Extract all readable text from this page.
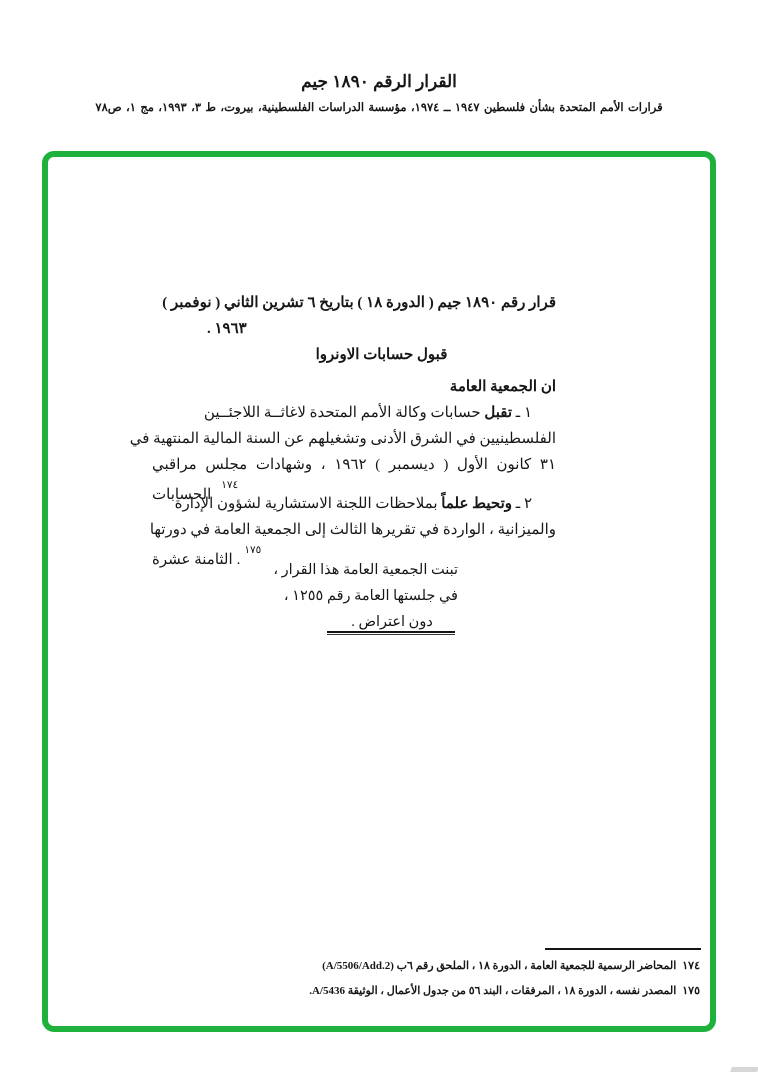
القرار الرقم ١٨٩٠ جيم
قرارات الأمم المتحدة بشأن فلسطين ١٩٤٧ ــ ١٩٧٤، مؤسسة الدراسات الفلسطينية، بيروت، ط ٣، ١٩٩٣، مج ١، ص٧٨
قرار رقم ١٨٩٠ جيم ( الدورة ١٨ ) بتاريخ ٦ تشرين الثاني ( نوفمبر )
١٩٦٣ .
قبول حسابات الاونروا
ان الجمعية العامة
١ ـ تقبل حسابات وكالة الأمم المتحدة لاغاثــة اللاجئــين
الفلسطينيين في الشرق الأدنى وتشغيلهم عن السنة المالية المنتهية في
٣١ كانون الأول ( ديسمبر ) ١٩٦٢ ، وشهادات مجلس مراقبي
الحسابات$^{١٧٤}$
٢ ـ وتحيط علماً بملاحظات اللجنة الاستشارية لشؤون الإدارة
والميزانية ، الواردة في تقريرها الثالث إلى الجمعية العامة في دورتها
الثامنة عشرة .$^{١٧٥}$
تبنت الجمعية العامة هذا القرار ،
في جلستها العامة رقم ١٢٥٥ ،
دون اعتراض .
١٧٤المحاضر الرسمية للجمعية العامة ، الدورة ١٨ ، الملحق رقم ٦ب (A/5506/Add.2)
١٧٥المصدر نفسه ، الدورة ١٨ ، المرفقات ، البند ٥٦ من جدول الأعمال ، الوثيقة A/5436.
